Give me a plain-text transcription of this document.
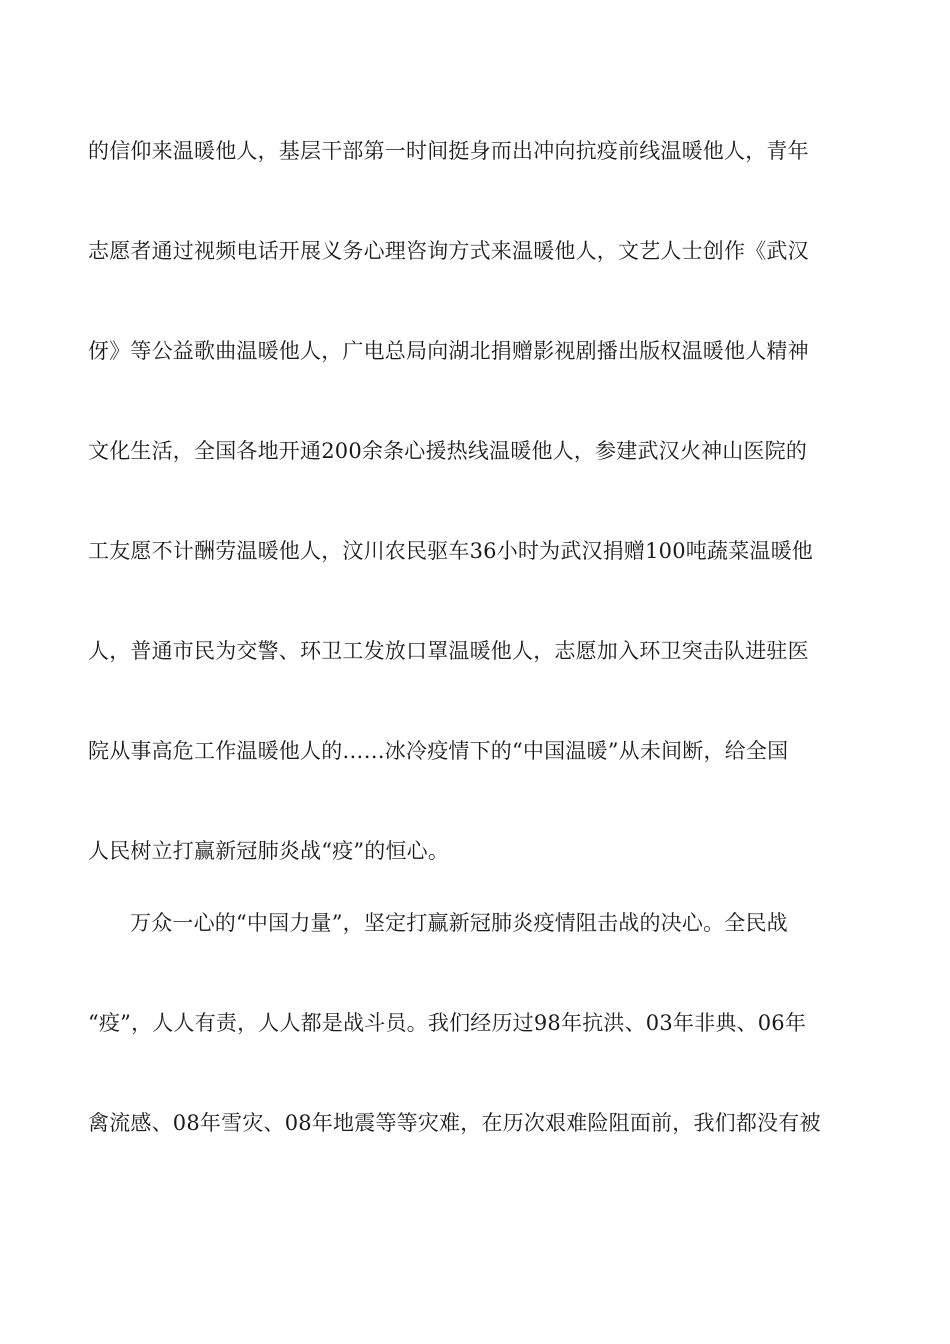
的信仰来温暖他人，基层干部第一时间挺身而出冲向抗疫前线温暖他人，青年
志愿者通过视频电话开展义务心理咨询方式来温暖他人，文艺人士创作《武汉
伢》等公益歌曲温暖他人，广电总局向湖北捐赠影视剧播出版权温暖他人精神
文化生活，全国各地开通200余条心援热线温暖他人，参建武汉火神山医院的
工友愿不计酬劳温暖他人，汶川农民驱车36小时为武汉捐赠100吨蔬菜温暖他
人，普通市民为交警、环卫工发放口罩温暖他人，志愿加入环卫突击队进驻医
院从事高危工作温暖他人的……冰冷疫情下的“中国温暖”从未间断，给全国
人民树立打赢新冠肺炎战“疫”的恒心。
万众一心的“中国力量”，坚定打赢新冠肺炎疫情阻击战的决心。全民战
“疫”，人人有责，人人都是战斗员。我们经历过98年抗洪、03年非典、06年
禽流感、08年雪灾、08年地震等等灾难，在历次艰难险阻面前，我们都没有被
